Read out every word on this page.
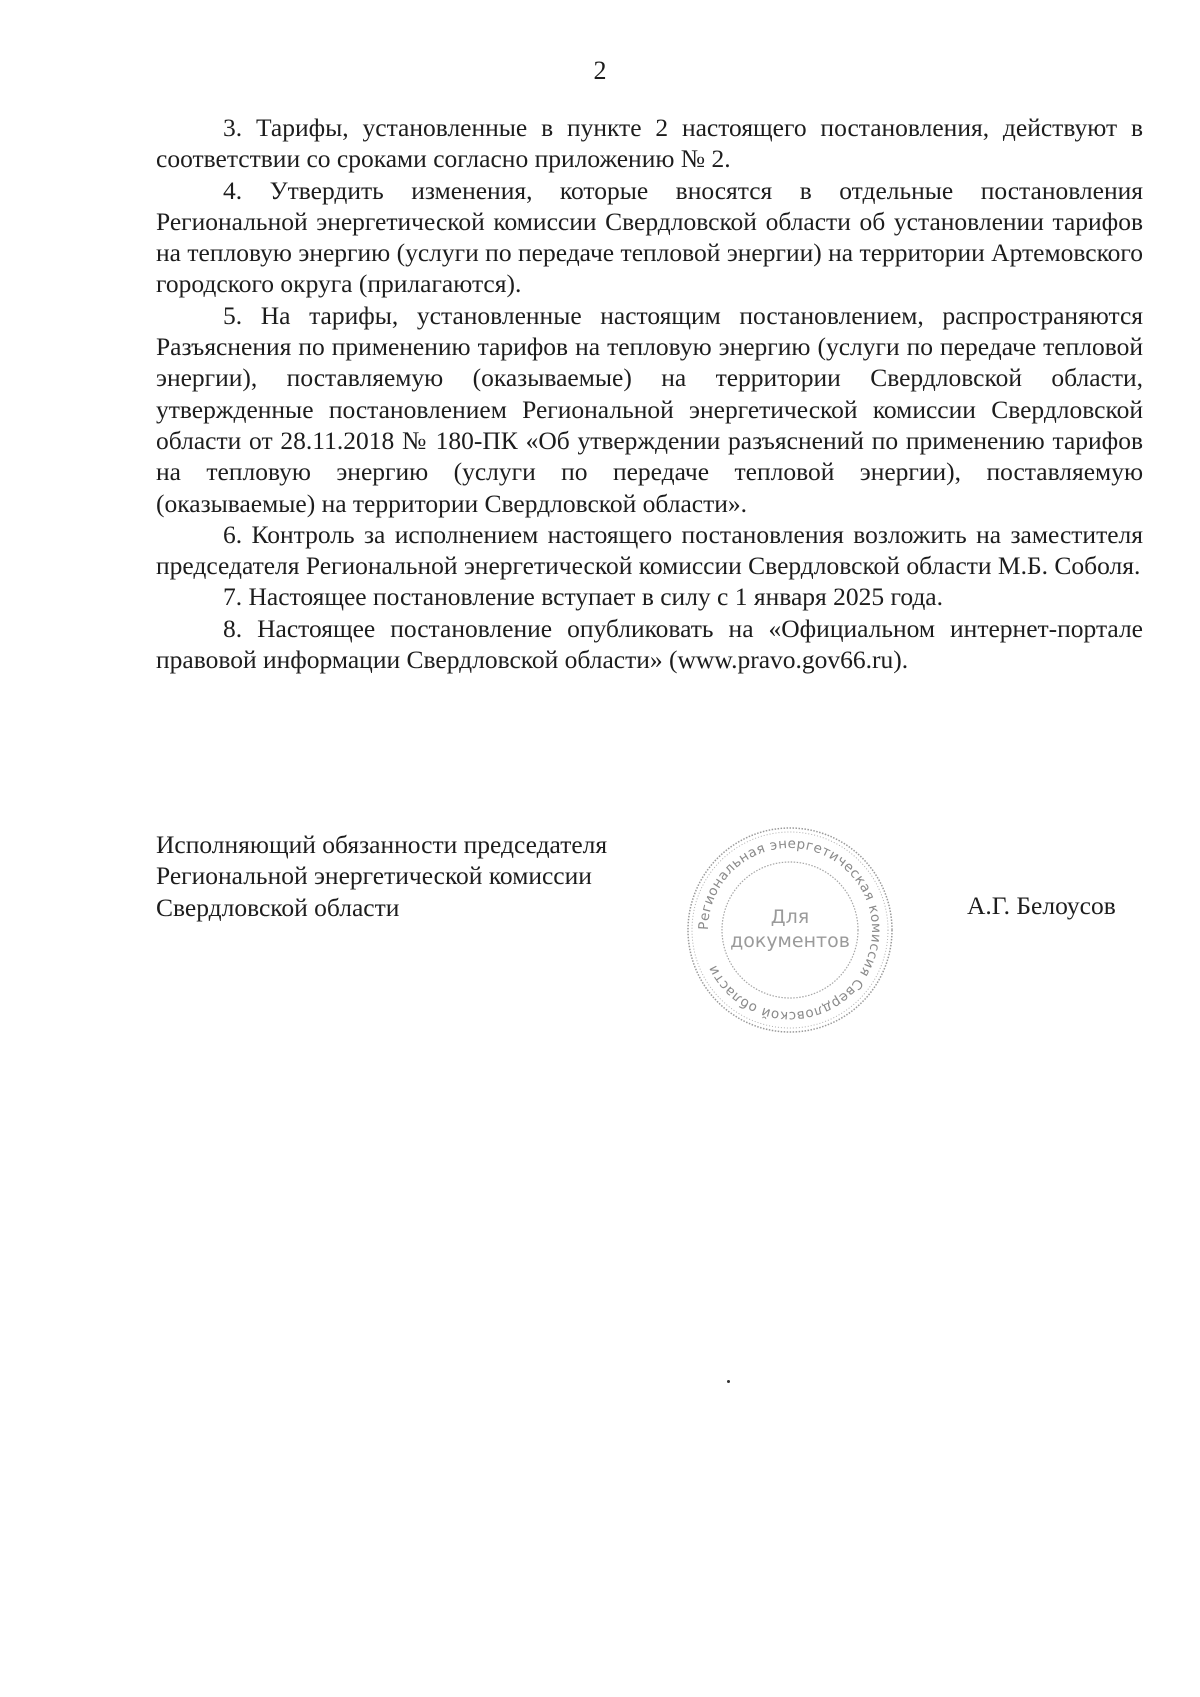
2

3. Тарифы, установленные в пункте 2 настоящего постановления, действуют в соответствии со сроками согласно приложению № 2.

4. Утвердить изменения, которые вносятся в отдельные постановления Региональной энергетической комиссии Свердловской области об установлении тарифов на тепловую энергию (услуги по передаче тепловой энергии) на территории Артемовского городского округа (прилагаются).

5. На тарифы, установленные настоящим постановлением, распространяются Разъяснения по применению тарифов на тепловую энергию (услуги по передаче тепловой энергии), поставляемую (оказываемые) на территории Свердловской области, утвержденные постановлением Региональной энергетической комиссии Свердловской области от 28.11.2018 № 180-ПК «Об утверждении разъяснений по применению тарифов на тепловую энергию (услуги по передаче тепловой энергии), поставляемую (оказываемые) на территории Свердловской области».

6. Контроль за исполнением настоящего постановления возложить на заместителя председателя Региональной энергетической комиссии Свердловской области М.Б. Соболя.

7. Настоящее постановление вступает в силу с 1 января 2025 года.

8. Настоящее постановление опубликовать на «Официальном интернет-портале правовой информации Свердловской области» (www.pravo.gov66.ru).

Исполняющий обязанности председателя
Региональной энергетической комиссии
Свердловской области
Региональная энергетическая комиссия Свердловской области
Для
документов
А.Г. Белоусов
